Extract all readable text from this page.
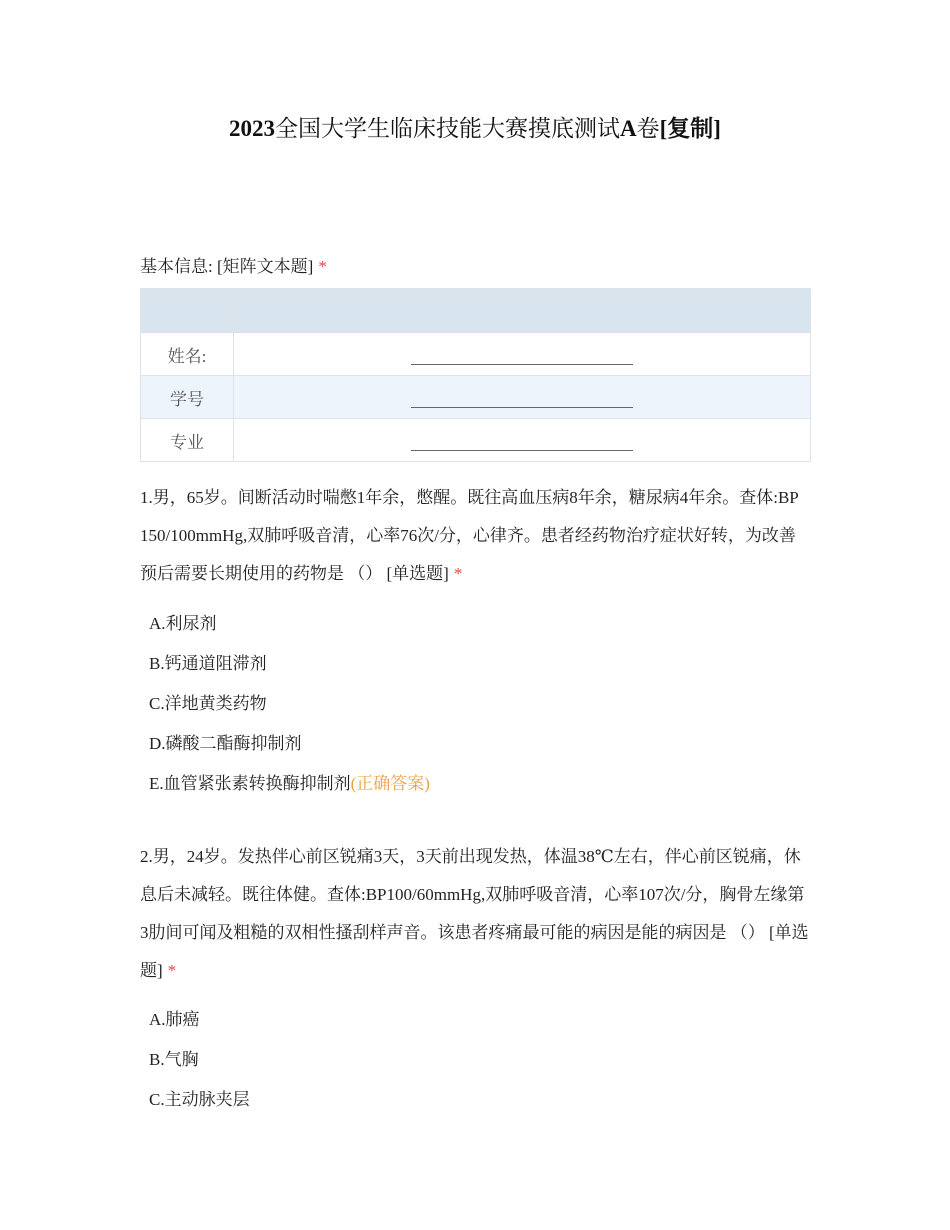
2023全国大学生临床技能大赛摸底测试A卷[复制]
基本信息: [矩阵文本题] *

姓名:	
学号	
专业	
1.男，65岁。间断活动时喘憋1年余，憋醒。既往高血压病8年余，糖尿病4年余。查体:BP 150/100mmHg,双肺呼吸音清，心率76次/分，心律齐。患者经药物治疗症状好转，为改善预后需要长期使用的药物是 （） [单选题] *
A.利尿剂
B.钙通道阻滞剂
C.洋地黄类药物
D.磷酸二酯酶抑制剂
E.血管紧张素转换酶抑制剂(正确答案)
2.男，24岁。发热伴心前区锐痛3天，3天前出现发热，体温38℃左右，伴心前区锐痛，休息后未减轻。既往体健。查体:BP100/60mmHg,双肺呼吸音清，心率107次/分，胸骨左缘第3肋间可闻及粗糙的双相性搔刮样声音。该患者疼痛最可能的病因是能的病因是 （） [单选题] *
A.肺癌
B.气胸
C.主动脉夹层
